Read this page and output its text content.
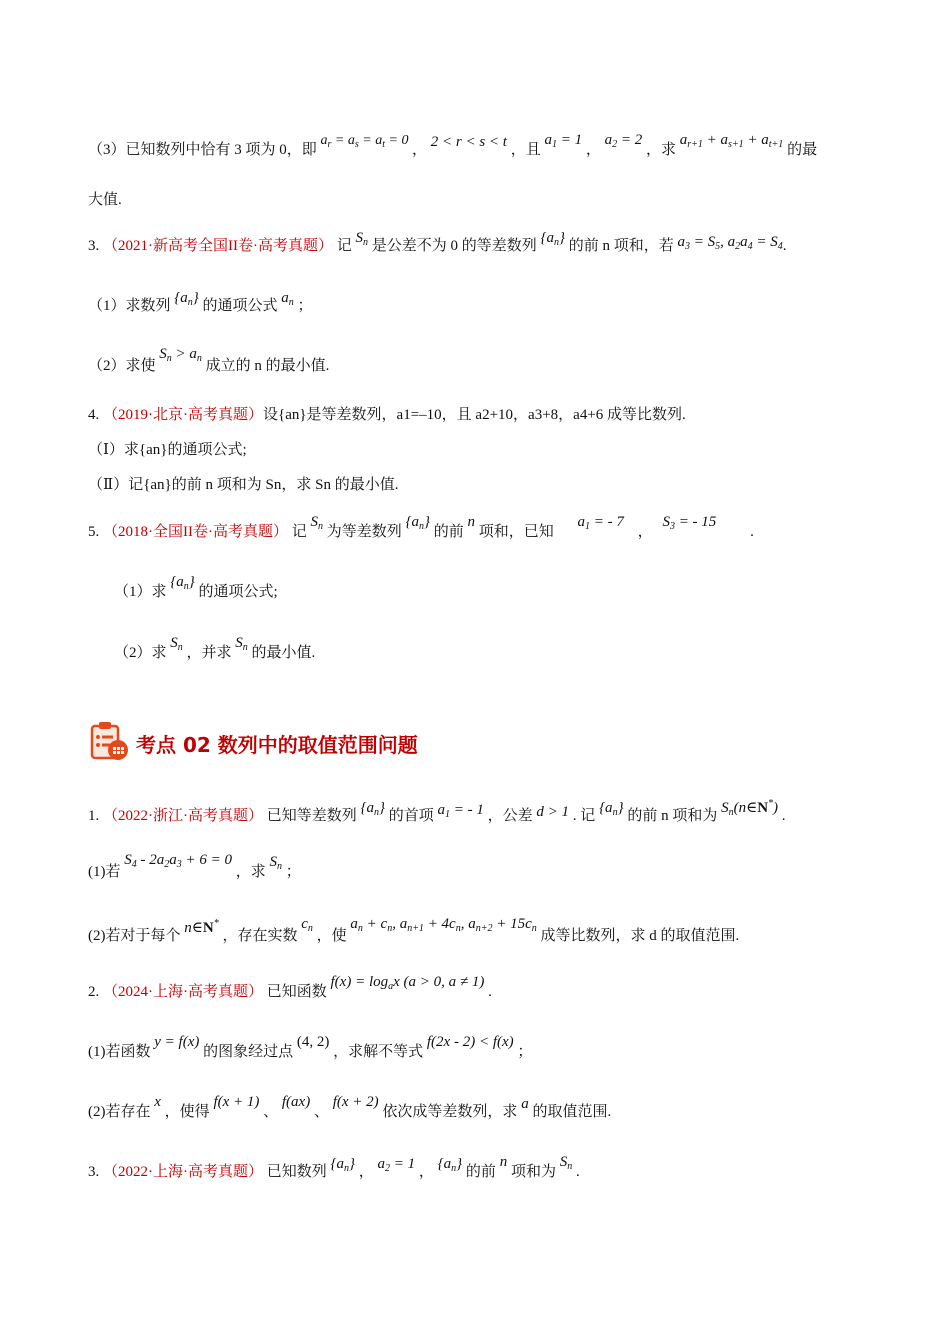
（3）已知数列中恰有 3 项为 0，即 $a_r = a_s = a_t = 0$ ， 2 < r < s < t ，且 $a_1 = 1$ ， $a_2 = 2$ ，求 $a_{r+1} + a_{s+1} + a_{t+1}$ 的最
大值.
3. （2021·新高考全国II卷·高考真题） 记 $S_n$ 是公差不为 0 的等差数列 $\{a_n\}$ 的前 n 项和，若 $a_3 = S_5$, $a_2a_4 = S_4$.
（1）求数列 $\{a_n\}$ 的通项公式 $a_n$ ；
（2）求使 $S_n > a_n$ 成立的 n 的最小值.
4. （2019·北京·高考真题）设{an}是等差数列，a1=–10，且 a2+10，a3+8，a4+6 成等比数列.
（Ⅰ）求{an}的通项公式;
（Ⅱ）记{an}的前 n 项和为 Sn，求 Sn 的最小值.
5. （2018·全国II卷·高考真题） 记 $S_n$ 为等差数列 $\{a_n\}$ 的前 n 项和，已知 $a_1$ = - 7 ， $S_3$ = - 15 .
（1）求 $\{a_n\}$ 的通项公式;
（2）求 $S_n$ ，并求 $S_n$ 的最小值.
考点 02 数列中的取值范围问题
1. （2022·浙江·高考真题） 已知等差数列 $\{a_n\}$ 的首项 $a_1$ = - 1 ，公差 d > 1 . 记 $\{a_n\}$ 的前 n 项和为 $S_n(n\in N^*)$ .
(1)若 $S_4 - 2a_2a_3 + 6 = 0$ ，求 $S_n$ ；
(2)若对于每个 n∈N* ，存在实数 $c_n$ ，使 $a_n + c_n$, $a_{n+1} + 4c_n$, $a_{n+2} + 15c_n$ 成等比数列，求 d 的取值范围.
2. （2024·上海·高考真题） 已知函数 $f(x) = \log_ax$ (a > 0, a ≠ 1) .
(1)若函数 y = f(x) 的图象经过点 (4, 2) ，求解不等式 f(2x - 2) < f(x) ；
(2)若存在 x ，使得 f(x + 1) 、 f(ax) 、 f(x + 2) 依次成等差数列，求 a 的取值范围.
3. （2022·上海·高考真题） 已知数列 $\{a_n\}$ ， $a_2 = 1$ ， $\{a_n\}$ 的前 n 项和为 $S_n$ .
